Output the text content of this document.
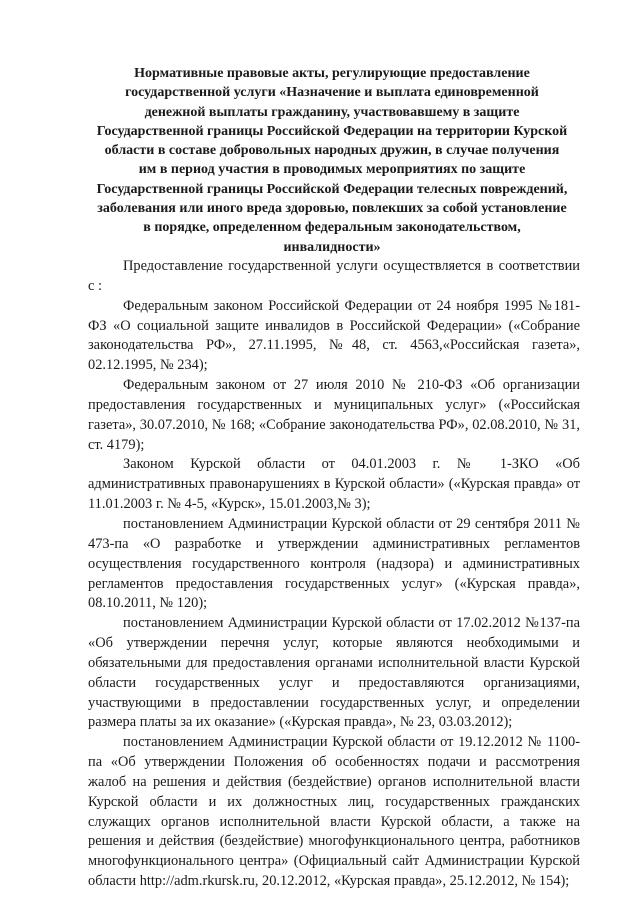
Нормативные правовые акты, регулирующие предоставление государственной услуги «Назначение и выплата единовременной денежной выплаты гражданину, участвовавшему в защите Государственной границы Российской Федерации на территории Курской области в составе добровольных народных дружин, в случае получения им в период участия в проводимых мероприятиях по защите Государственной границы Российской Федерации телесных повреждений, заболевания или иного вреда здоровью, повлекших за собой установление в порядке, определенном федеральным законодательством, инвалидности»

Предоставление государственной услуги осуществляется в соответствии с :

Федеральным законом Российской Федерации от 24 ноября 1995 №181-ФЗ «О социальной защите инвалидов в Российской Федерации» («Собрание законодательства РФ», 27.11.1995, №48, ст. 4563,«Российская газета», 02.12.1995, № 234);

Федеральным законом от 27 июля 2010 № 210-ФЗ «Об организации предоставления государственных и муниципальных услуг» («Российская газета», 30.07.2010, № 168; «Собрание законодательства РФ», 02.08.2010, № 31, ст. 4179);

Законом Курской области от 04.01.2003 г. № 1-ЗКО «Об административных правонарушениях в Курской области» («Курская правда» от 11.01.2003 г. № 4-5, «Курск», 15.01.2003,№ 3);

постановлением Администрации Курской области от 29 сентября 2011 № 473-па «О разработке и утверждении административных регламентов осуществления государственного контроля (надзора) и административных регламентов предоставления государственных услуг» («Курская правда», 08.10.2011, № 120);

постановлением Администрации Курской области от 17.02.2012 №137-па «Об утверждении перечня услуг, которые являются необходимыми и обязательными для предоставления органами исполнительной власти Курской области государственных услуг и предоставляются организациями, участвующими в предоставлении государственных услуг, и определении размера платы за их оказание» («Курская правда», № 23, 03.03.2012);

постановлением Администрации Курской области от 19.12.2012 № 1100-па «Об утверждении Положения об особенностях подачи и рассмотрения жалоб на решения и действия (бездействие) органов исполнительной власти Курской области и их должностных лиц, государственных гражданских служащих органов исполнительной власти Курской области, а также на решения и действия (бездействие) многофункционального центра, работников многофункционального центра» (Официальный сайт Администрации Курской области http://adm.rkursk.ru, 20.12.2012, «Курская правда», 25.12.2012, № 154);
